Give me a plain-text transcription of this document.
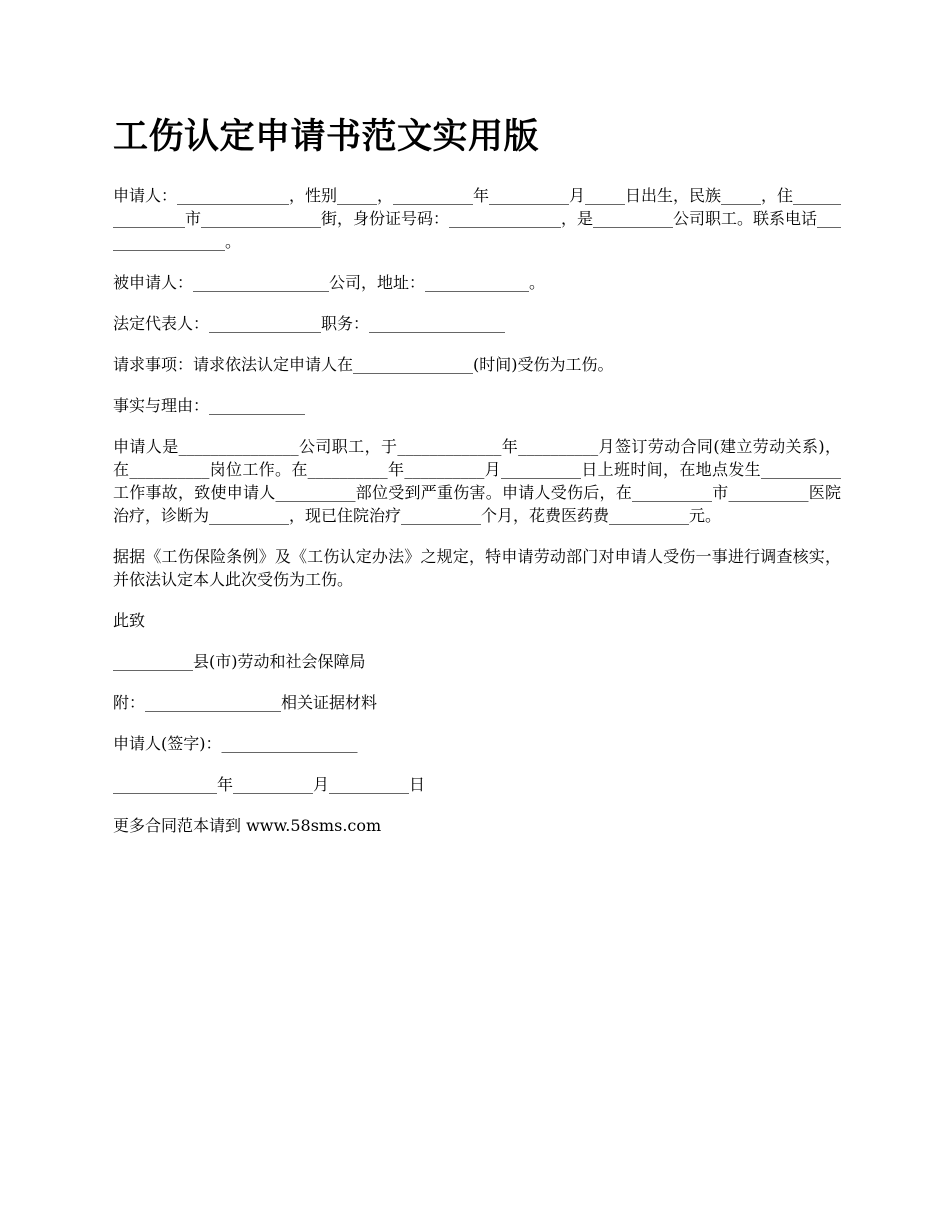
工伤认定申请书范文实用版

申请人：______________，性别_____，__________年__________月_____日出生，民族_____，住_______________市_______________街，身份证号码：______________，是__________公司职工。联系电话_________________。

被申请人：_________________公司，地址：_____________。

法定代表人：______________职务：_________________

请求事项：请求依法认定申请人在_______________(时间)受伤为工伤。

事实与理由：____________

申请人是_______________公司职工，于_____________年__________月签订劳动合同(建立劳动关系)，在__________岗位工作。在__________年__________月__________日上班时间，在地点发生__________工作事故，致使申请人__________部位受到严重伤害。申请人受伤后，在__________市__________医院治疗，诊断为__________，现已住院治疗__________个月，花费医药费__________元。

据据《工伤保险条例》及《工伤认定办法》之规定，特申请劳动部门对申请人受伤一事进行调查核实，并依法认定本人此次受伤为工伤。

此致

__________县(市)劳动和社会保障局

附：_________________相关证据材料

申请人(签字)：_________________

_____________年__________月__________日

更多合同范本请到 www.58sms.com
